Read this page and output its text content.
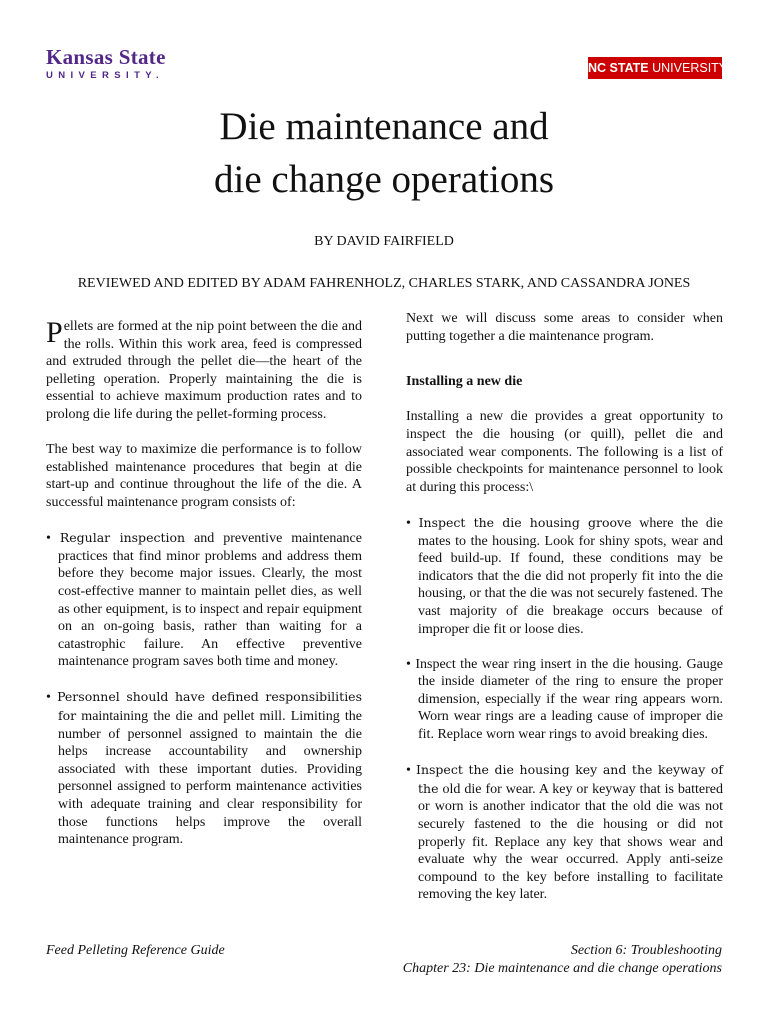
Kansas State
UNIVERSITY.
NC STATE UNIVERSITY
Die maintenance and
die change operations
BY DAVID FAIRFIELD
REVIEWED AND EDITED BY ADAM FAHRENHOLZ, CHARLES STARK, AND CASSANDRA JONES

Pellets are formed at the nip point between the die and the rolls. Within this work area, feed is compressed and extruded through the pellet die—the heart of the pelleting operation. Properly maintaining the die is essential to achieve maximum production rates and to prolong die life during the pellet-forming process.

The best way to maximize die performance is to follow established maintenance procedures that begin at die start-up and continue throughout the life of the die. A successful maintenance program consists of:

• Regular inspection and preventive maintenance practices that find minor problems and address them before they become major issues. Clearly, the most cost-effective manner to maintain pellet dies, as well as other equipment, is to inspect and repair equipment on an on-going basis, rather than waiting for a catastrophic failure. An effective preventive maintenance program saves both time and money.
• Personnel should have defined responsibilities for maintaining the die and pellet mill. Limiting the number of personnel assigned to maintain the die helps increase accountability and ownership associated with these important duties. Providing personnel assigned to perform maintenance activities with adequate training and clear responsibility for those functions helps improve the overall maintenance program.

Next we will discuss some areas to consider when putting together a die maintenance program.

Installing a new die

Installing a new die provides a great opportunity to inspect the die housing (or quill), pellet die and associated wear components. The following is a list of possible checkpoints for maintenance personnel to look at during this process:\

• Inspect the die housing groove where the die mates to the housing. Look for shiny spots, wear and feed build-up. If found, these conditions may be indicators that the die did not properly fit into the die housing, or that the die was not securely fastened. The vast majority of die breakage occurs because of improper die fit or loose dies.
• Inspect the wear ring insert in the die housing. Gauge the inside diameter of the ring to ensure the proper dimension, especially if the wear ring appears worn. Worn wear rings are a leading cause of improper die fit. Replace worn wear rings to avoid breaking dies.
• Inspect the die housing key and the keyway of the old die for wear. A key or keyway that is battered or worn is another indicator that the old die was not securely fastened to the die housing or did not properly fit. Replace any key that shows wear and evaluate why the wear occurred. Apply anti-seize compound to the key before installing to facilitate removing the key later.
Feed Pelleting Reference Guide	Section 6: Troubleshooting
Chapter 23: Die maintenance and die change operations
